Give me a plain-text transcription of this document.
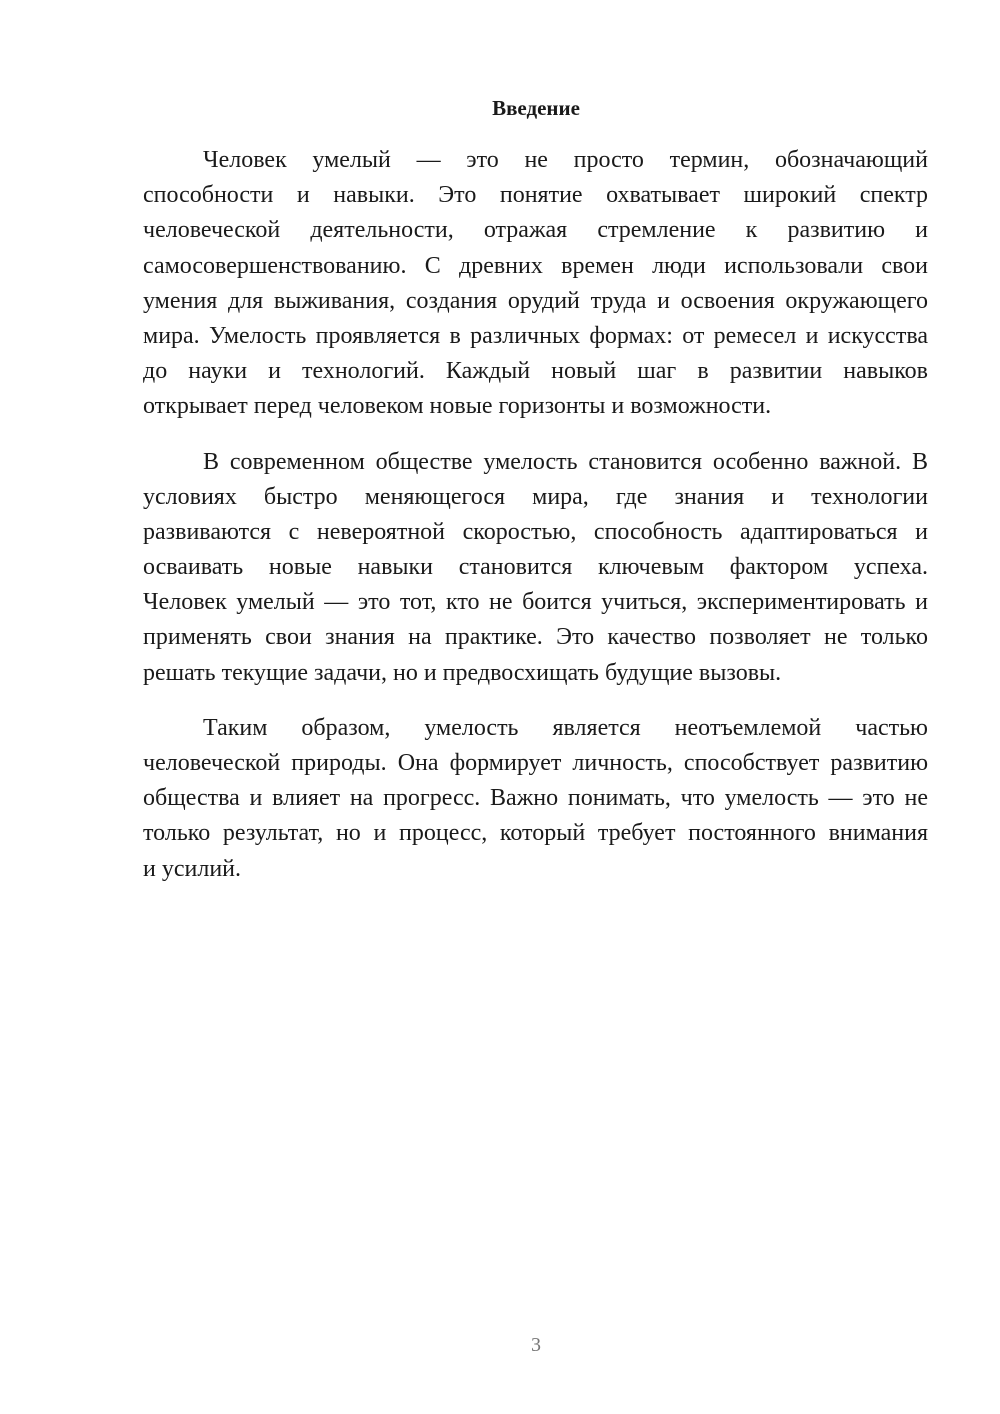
Введение
Человек умелый — это не просто термин, обозначающий
способности и навыки. Это понятие охватывает широкий спектр
человеческой деятельности, отражая стремление к развитию и
самосовершенствованию. С древних времен люди использовали свои
умения для выживания, создания орудий труда и освоения окружающего
мира. Умелость проявляется в различных формах: от ремесел и искусства
до науки и технологий. Каждый новый шаг в развитии навыков
открывает перед человеком новые горизонты и возможности.
В современном обществе умелость становится особенно важной. В
условиях быстро меняющегося мира, где знания и технологии
развиваются с невероятной скоростью, способность адаптироваться и
осваивать новые навыки становится ключевым фактором успеха.
Человек умелый — это тот, кто не боится учиться, экспериментировать и
применять свои знания на практике. Это качество позволяет не только
решать текущие задачи, но и предвосхищать будущие вызовы.
Таким образом, умелость является неотъемлемой частью
человеческой природы. Она формирует личность, способствует развитию
общества и влияет на прогресс. Важно понимать, что умелость — это не
только результат, но и процесс, который требует постоянного внимания
и усилий.
3
